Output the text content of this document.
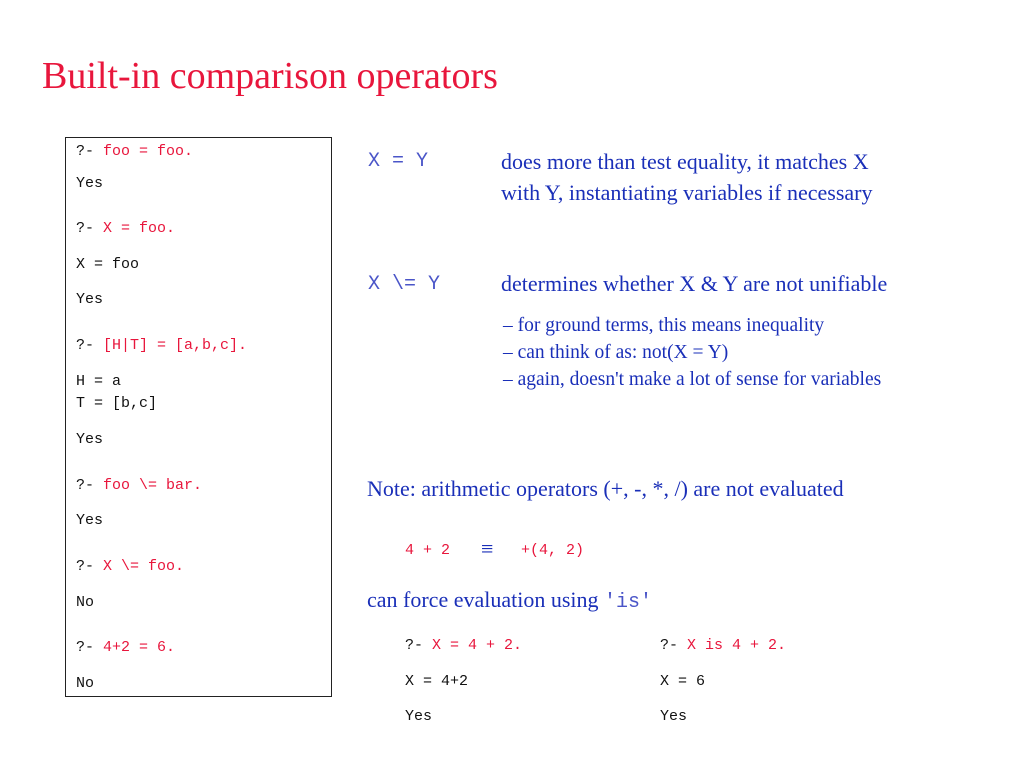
Built-in comparison operators
?- foo = foo.
Yes
?- X = foo.
X = foo
Yes
?- [H|T] = [a,b,c].
H = a
T = [b,c]
Yes
?- foo \= bar.
Yes
?- X \= foo.
No
?- 4+2 = 6.
No
X = Y	does more than test equality, it matches X
with Y, instantiating variables if necessary
X \= Y	determines whether X & Y are not unifiable
– for ground terms, this means inequality
– can think of as: not(X = Y)
– again, doesn't make a lot of sense for variables
Note: arithmetic operators (+, -, *, /) are not evaluated
4 + 2 ≡ +(4, 2)
can force evaluation using 'is'
?- X = 4 + 2.
X = 4+2
Yes
?- X is 4 + 2.
X = 6
Yes
